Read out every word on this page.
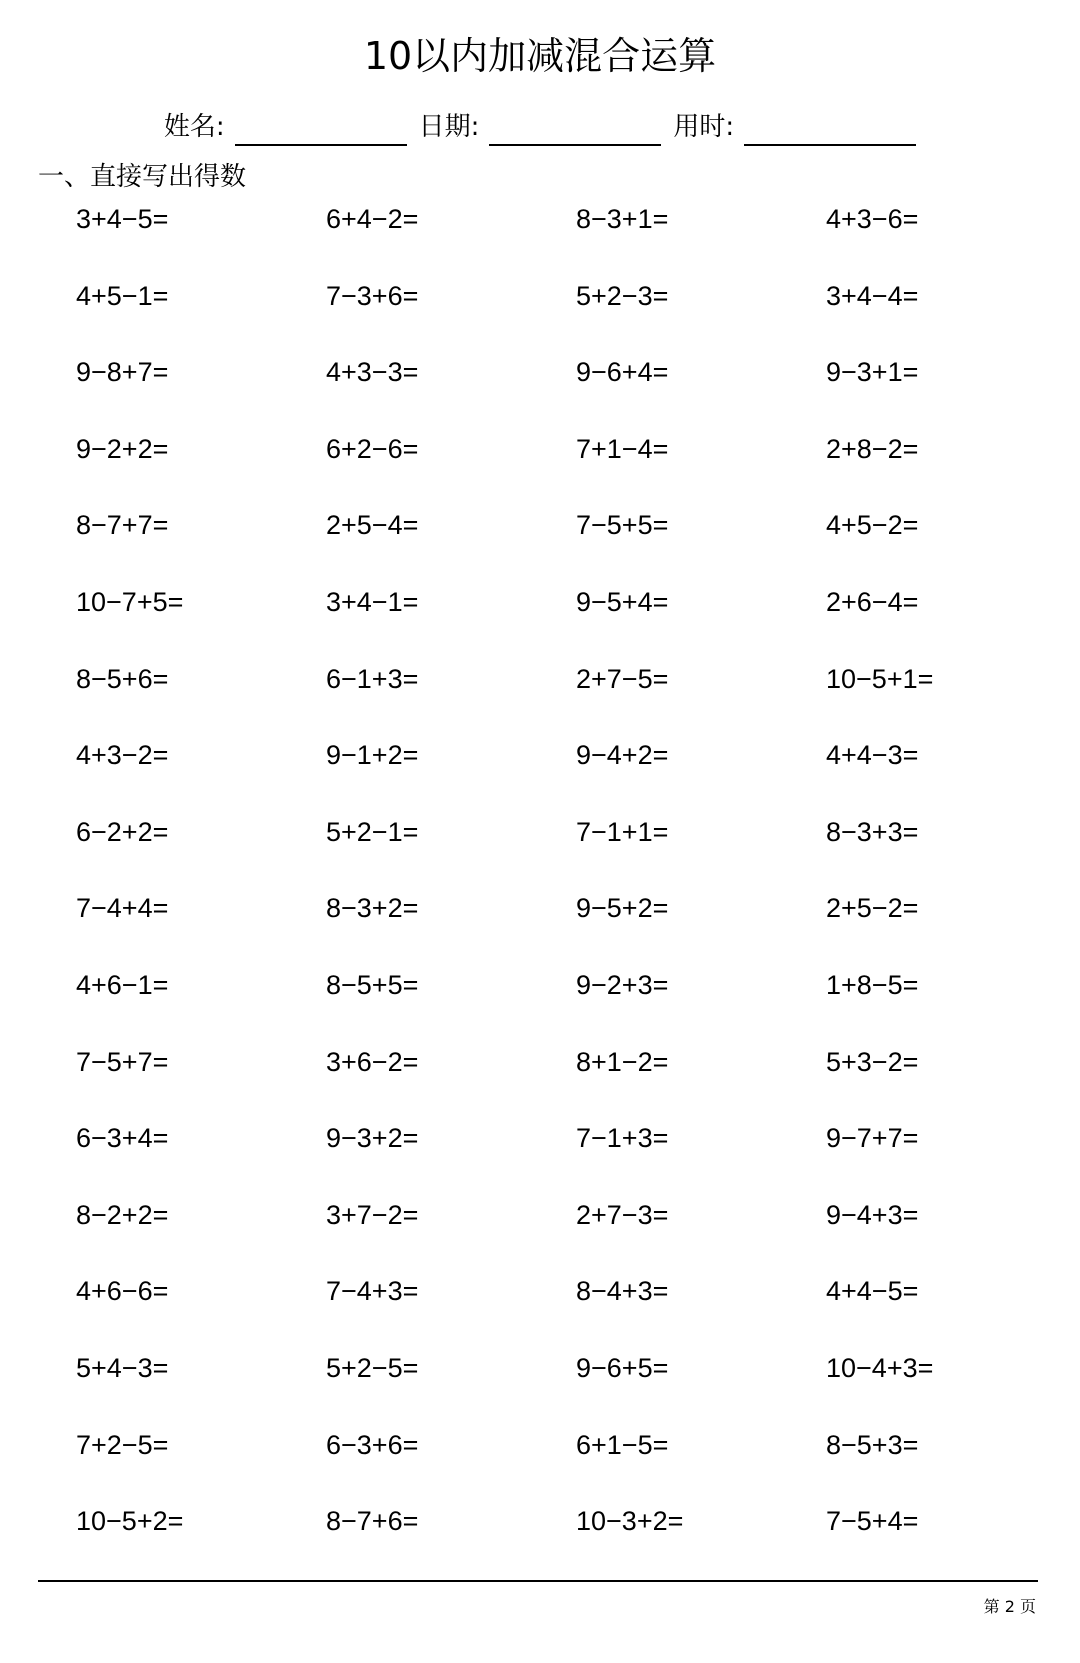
10以内加减混合运算
姓名:	日期:	用时:
一、直接写出得数
3+4−5=	6+4−2=	8−3+1=	4+3−6=
4+5−1=	7−3+6=	5+2−3=	3+4−4=
9−8+7=	4+3−3=	9−6+4=	9−3+1=
9−2+2=	6+2−6=	7+1−4=	2+8−2=
8−7+7=	2+5−4=	7−5+5=	4+5−2=
10−7+5=	3+4−1=	9−5+4=	2+6−4=
8−5+6=	6−1+3=	2+7−5=	10−5+1=
4+3−2=	9−1+2=	9−4+2=	4+4−3=
6−2+2=	5+2−1=	7−1+1=	8−3+3=
7−4+4=	8−3+2=	9−5+2=	2+5−2=
4+6−1=	8−5+5=	9−2+3=	1+8−5=
7−5+7=	3+6−2=	8+1−2=	5+3−2=
6−3+4=	9−3+2=	7−1+3=	9−7+7=
8−2+2=	3+7−2=	2+7−3=	9−4+3=
4+6−6=	7−4+3=	8−4+3=	4+4−5=
5+4−3=	5+2−5=	9−6+5=	10−4+3=
7+2−5=	6−3+6=	6+1−5=	8−5+3=
10−5+2=	8−7+6=	10−3+2=	7−5+4=
第 2 页
